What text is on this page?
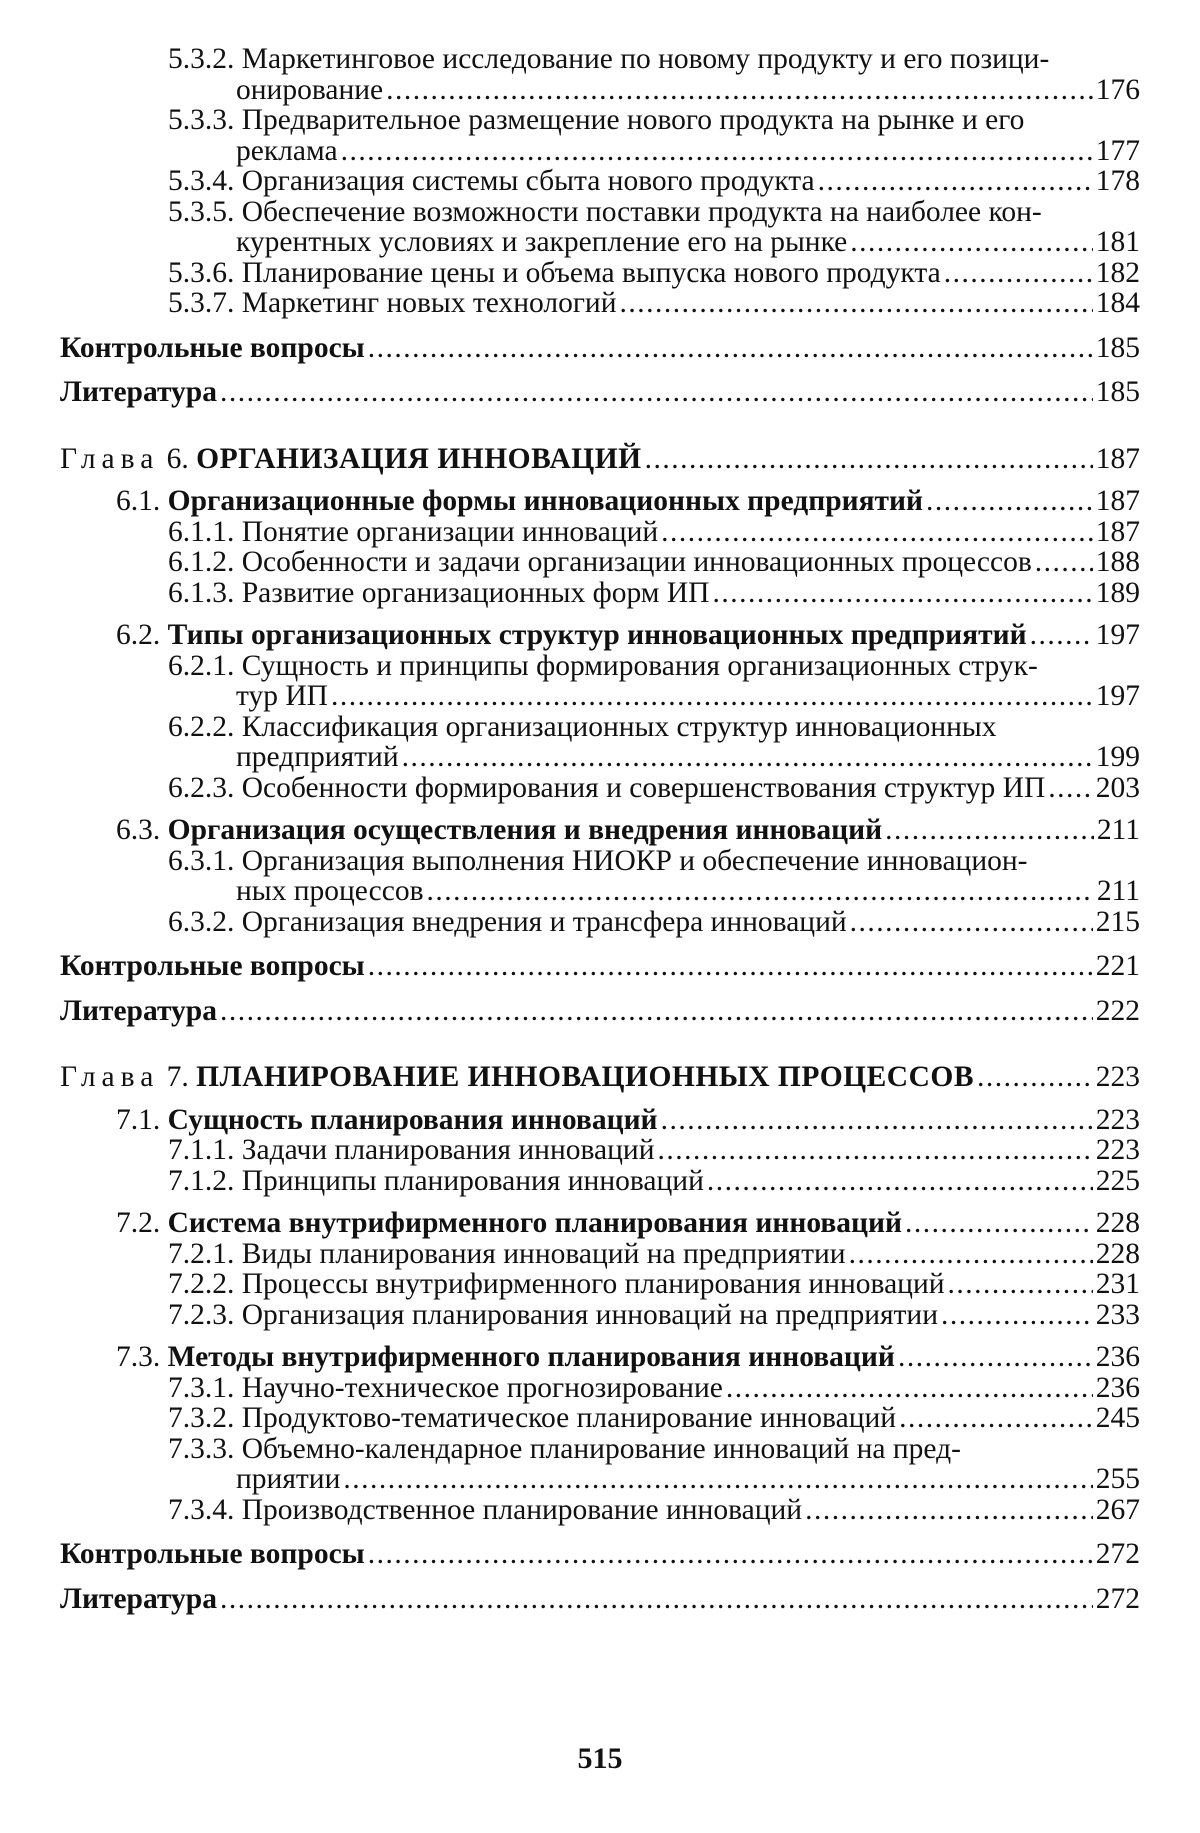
5.3.2. Маркетинговое исследование по новому продукту и его позици-
онирование .....	176
5.3.3. Предварительное размещение нового продукта на рынке и его
реклама .....	177
5.3.4. Организация системы сбыта нового продукта .....	178
5.3.5. Обеспечение возможности поставки продукта на наиболее кон-
курентных условиях и закрепление его на рынке .....	181
5.3.6. Планирование цены и объема выпуска нового продукта .....	182
5.3.7. Маркетинг новых технологий .....	184
Контрольные вопросы .....	185
Литература .....	185
Глава 6. ОРГАНИЗАЦИЯ ИННОВАЦИЙ .....	187
6.1. Организационные формы инновационных предприятий .....	187
6.1.1. Понятие организации инноваций .....	187
6.1.2. Особенности и задачи организации инновационных процессов ..... 188
6.1.3. Развитие организационных форм ИП .....	189
6.2. Типы организационных структур инновационных предприятий ..... 197
6.2.1. Сущность и принципы формирования организационных струк-
тур ИП .....	197
6.2.2. Классификация организационных структур инновационных
предприятий .....	199
6.2.3. Особенности формирования и совершенствования структур ИП ..... 203
6.3. Организация осуществления и внедрения инноваций .....	211
6.3.1. Организация выполнения НИОКР и обеспечение инновацион-
ных процессов .....	211
6.3.2. Организация внедрения и трансфера инноваций .....	215
Контрольные вопросы .....	221
Литература .....	222
Глава 7. ПЛАНИРОВАНИЕ ИННОВАЦИОННЫХ ПРОЦЕССОВ .....	223
7.1. Сущность планирования инноваций .....	223
7.1.1. Задачи планирования инноваций .....	223
7.1.2. Принципы планирования инноваций .....	225
7.2. Система внутрифирменного планирования инноваций .....	228
7.2.1. Виды планирования инноваций на предприятии .....	228
7.2.2. Процессы внутрифирменного планирования инноваций .....	231
7.2.3. Организация планирования инноваций на предприятии .....	233
7.3. Методы внутрифирменного планирования инноваций .....	236
7.3.1. Научно-техническое прогнозирование .....	236
7.3.2. Продуктово-тематическое планирование инноваций .....	245
7.3.3. Объемно-календарное планирование инноваций на пред-
приятии .....	255
7.3.4. Производственное планирование инноваций .....	267
Контрольные вопросы .....	272
Литература .....	272
515
